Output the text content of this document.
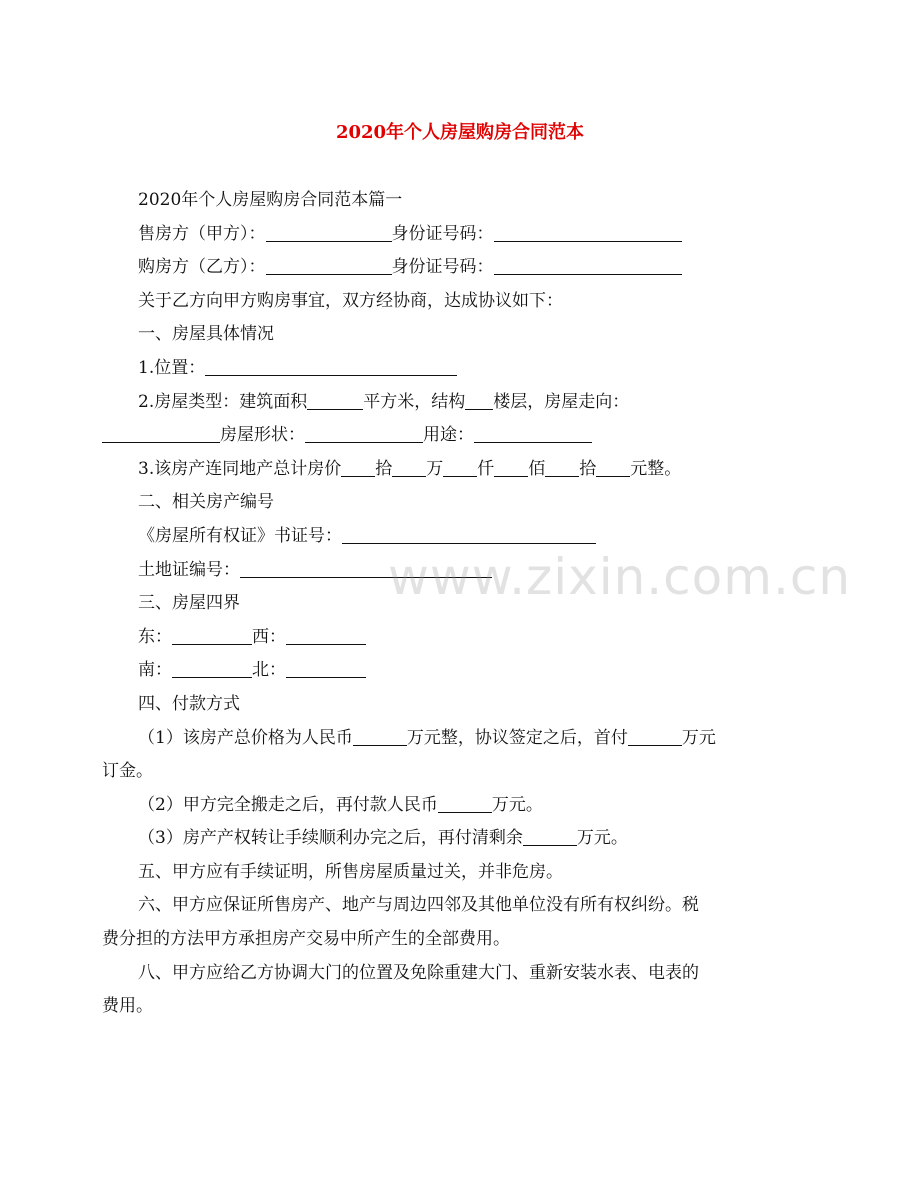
2020年个人房屋购房合同范本
2020年个人房屋购房合同范本篇一
售房方（甲方）：	身份证号码：
购房方（乙方）：	身份证号码：
关于乙方向甲方购房事宜，双方经协商，达成协议如下：
一、房屋具体情况
1.位置：
2.房屋类型：建筑面积	平方米，结构 楼层，房屋走向：
房屋形状：	用途：
3.该房产连同地产总计房价 拾 万 仟 佰 拾 元整。
二、相关房产编号
《房屋所有权证》书证号：
土地证编号：
三、房屋四界
东：	西：
南：	北：
四、付款方式
（1）该房产总价格为人民币	万元整，协议签定之后，首付	万元
订金。
（2）甲方完全搬走之后，再付款人民币	万元。
（3）房产产权转让手续顺利办完之后，再付清剩余	万元。
五、甲方应有手续证明，所售房屋质量过关，并非危房。
六、甲方应保证所售房产、地产与周边四邻及其他单位没有所有权纠纷。税
费分担的方法甲方承担房产交易中所产生的全部费用。
八、甲方应给乙方协调大门的位置及免除重建大门、重新安装水表、电表的
费用。
www.zixin.com.cn
